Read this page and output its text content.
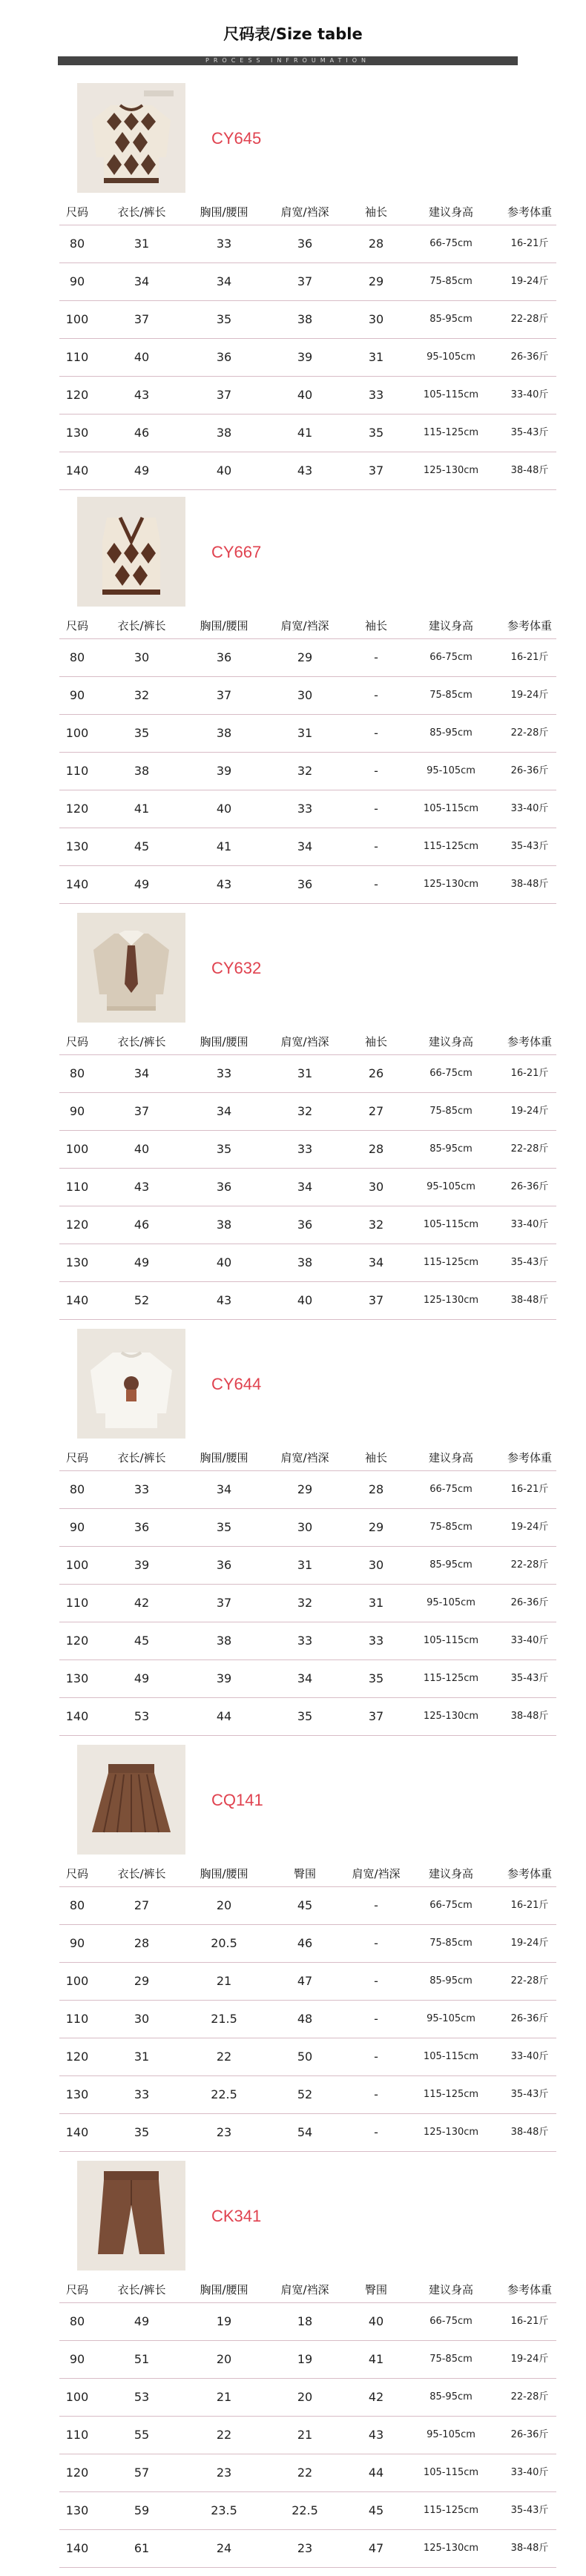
尺码表/Size table
PROCESS INFROUMATION
CY645
尺码	衣长/裤长	胸围/腰围	肩宽/裆深	袖长	建议身高	参考体重
80	31	33	36	28	66-75cm	16-21斤
90	34	34	37	29	75-85cm	19-24斤
100	37	35	38	30	85-95cm	22-28斤
110	40	36	39	31	95-105cm	26-36斤
120	43	37	40	33	105-115cm	33-40斤
130	46	38	41	35	115-125cm	35-43斤
140	49	40	43	37	125-130cm	38-48斤
CY667
尺码	衣长/裤长	胸围/腰围	肩宽/裆深	袖长	建议身高	参考体重
80	30	36	29	-	66-75cm	16-21斤
90	32	37	30	-	75-85cm	19-24斤
100	35	38	31	-	85-95cm	22-28斤
110	38	39	32	-	95-105cm	26-36斤
120	41	40	33	-	105-115cm	33-40斤
130	45	41	34	-	115-125cm	35-43斤
140	49	43	36	-	125-130cm	38-48斤
CY632
尺码	衣长/裤长	胸围/腰围	肩宽/裆深	袖长	建议身高	参考体重
80	34	33	31	26	66-75cm	16-21斤
90	37	34	32	27	75-85cm	19-24斤
100	40	35	33	28	85-95cm	22-28斤
110	43	36	34	30	95-105cm	26-36斤
120	46	38	36	32	105-115cm	33-40斤
130	49	40	38	34	115-125cm	35-43斤
140	52	43	40	37	125-130cm	38-48斤
CY644
尺码	衣长/裤长	胸围/腰围	肩宽/裆深	袖长	建议身高	参考体重
80	33	34	29	28	66-75cm	16-21斤
90	36	35	30	29	75-85cm	19-24斤
100	39	36	31	30	85-95cm	22-28斤
110	42	37	32	31	95-105cm	26-36斤
120	45	38	33	33	105-115cm	33-40斤
130	49	39	34	35	115-125cm	35-43斤
140	53	44	35	37	125-130cm	38-48斤
CQ141
尺码	衣长/裤长	胸围/腰围	臀围	肩宽/裆深	建议身高	参考体重
80	27	20	45	-	66-75cm	16-21斤
90	28	20.5	46	-	75-85cm	19-24斤
100	29	21	47	-	85-95cm	22-28斤
110	30	21.5	48	-	95-105cm	26-36斤
120	31	22	50	-	105-115cm	33-40斤
130	33	22.5	52	-	115-125cm	35-43斤
140	35	23	54	-	125-130cm	38-48斤
CK341
尺码	衣长/裤长	胸围/腰围	肩宽/裆深	臀围	建议身高	参考体重
80	49	19	18	40	66-75cm	16-21斤
90	51	20	19	41	75-85cm	19-24斤
100	53	21	20	42	85-95cm	22-28斤
110	55	22	21	43	95-105cm	26-36斤
120	57	23	22	44	105-115cm	33-40斤
130	59	23.5	22.5	45	115-125cm	35-43斤
140	61	24	23	47	125-130cm	38-48斤
